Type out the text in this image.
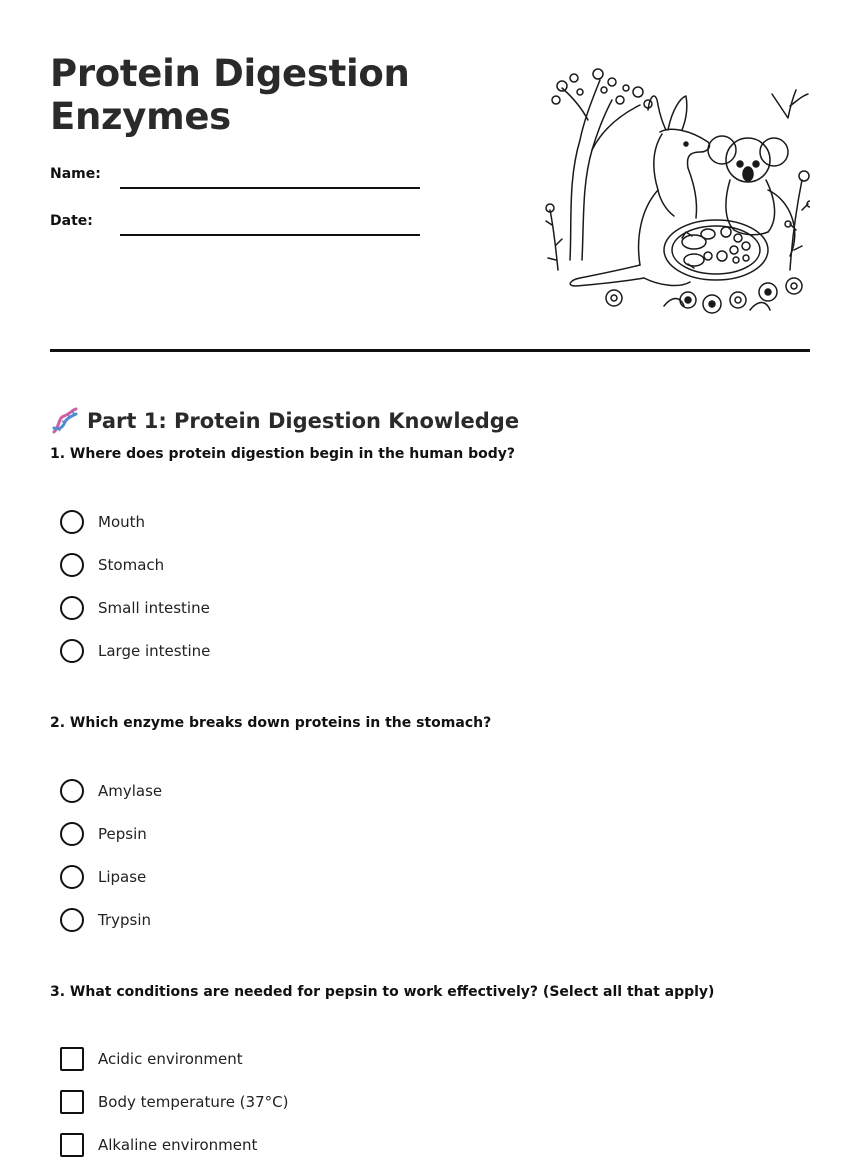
Protein Digestion
Enzymes
Name:
Date:
Part 1: Protein Digestion Knowledge

1. Where does protein digestion begin in the human body?

Mouth
Stomach
Small intestine
Large intestine

2. Which enzyme breaks down proteins in the stomach?

Amylase
Pepsin
Lipase
Trypsin

3. What conditions are needed for pepsin to work effectively? (Select all that apply)

Acidic environment
Body temperature (37°C)
Alkaline environment
